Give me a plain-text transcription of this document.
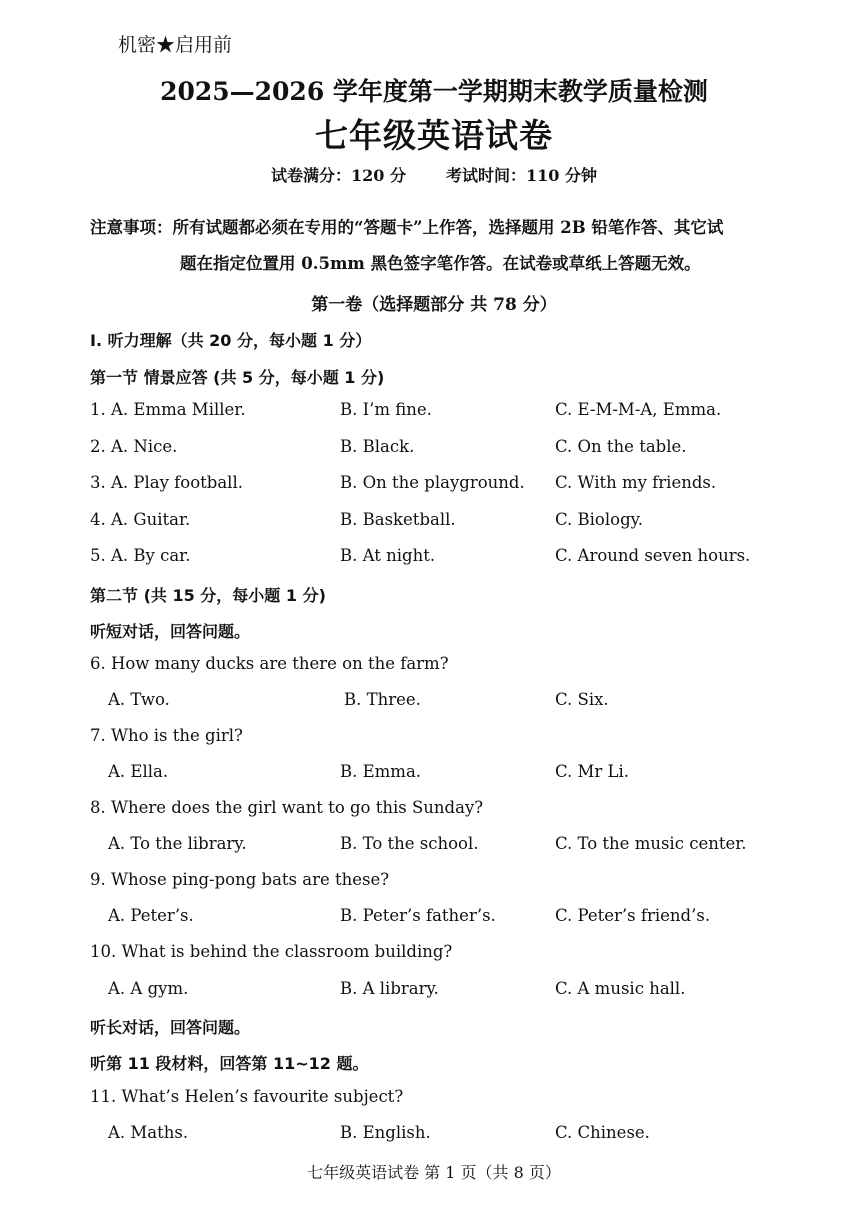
机密★启用前
2025—2026 学年度第一学期期末教学质量检测
七年级英语试卷
试卷满分：120 分	考试时间：110 分钟
注意事项：所有试题都必须在专用的“答题卡”上作答，选择题用 2B 铅笔作答、其它试
题在指定位置用 0.5mm 黑色签字笔作答。在试卷或草纸上答题无效。
第一卷（选择题部分 共 78 分）
I. 听力理解（共 20 分，每小题 1 分）
第一节 情景应答 (共 5 分，每小题 1 分)
1. A. Emma Miller.	B. I’m fine.	C. E-M-M-A, Emma.
2. A. Nice.	B. Black.	C. On the table.
3. A. Play football.	B. On the playground. C. With my friends.
4. A. Guitar.	B. Basketball.	C. Biology.
5. A. By car.	B. At night.	C. Around seven hours.
第二节 (共 15 分，每小题 1 分)
听短对话，回答问题。
6. How many ducks are there on the farm?
A. Two.	B. Three.	C. Six.
7. Who is the girl?
A. Ella.	B. Emma.	C. Mr Li.
8. Where does the girl want to go this Sunday?
A. To the library.	B. To the school.	C. To the music center.
9. Whose ping-pong bats are these?
A. Peter’s.	B. Peter’s father’s.	C. Peter’s friend’s.
10. What is behind the classroom building?
A. A gym.	B. A library.	C. A music hall.
听长对话，回答问题。
听第 11 段材料，回答第 11~12 题。
11. What’s Helen’s favourite subject?
A. Maths.	B. English.	C. Chinese.
七年级英语试卷 第 1 页（共 8 页）
